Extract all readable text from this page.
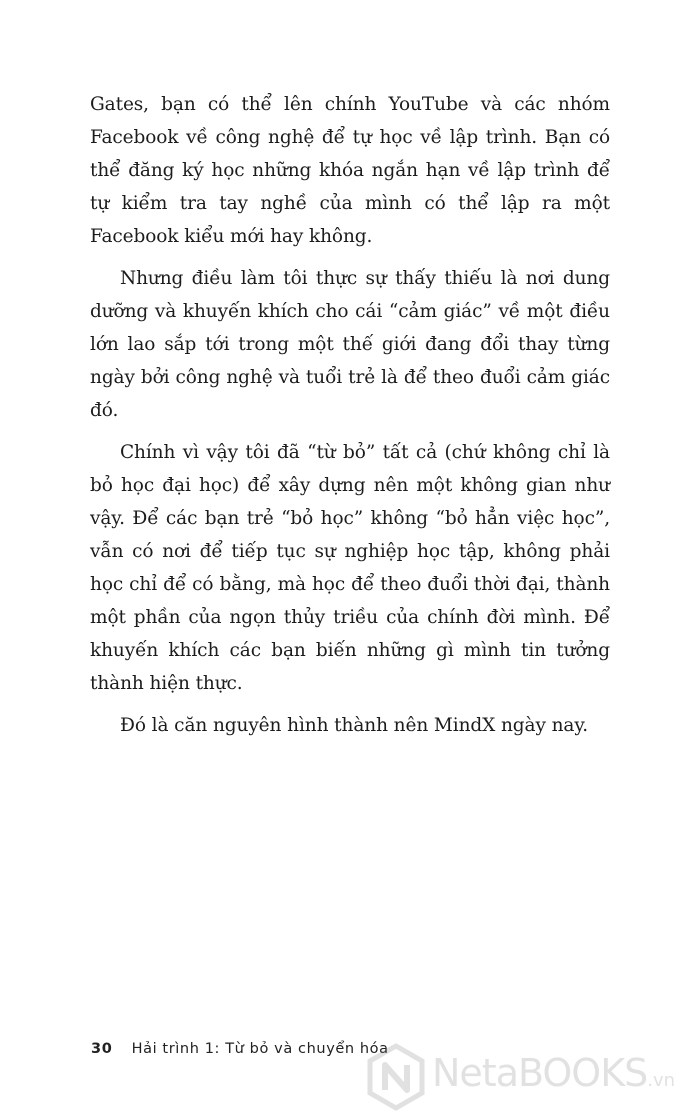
Gates, bạn có thể lên chính YouTube và các nhóm Facebook về công nghệ để tự học về lập trình. Bạn có thể đăng ký học những khóa ngắn hạn về lập trình để tự kiểm tra tay nghề của mình có thể lập ra một Facebook kiểu mới hay không.

Nhưng điều làm tôi thực sự thấy thiếu là nơi dung dưỡng và khuyến khích cho cái “cảm giác” về một điều lớn lao sắp tới trong một thế giới đang đổi thay từng ngày bởi công nghệ và tuổi trẻ là để theo đuổi cảm giác đó.

Chính vì vậy tôi đã “từ bỏ” tất cả (chứ không chỉ là bỏ học đại học) để xây dựng nên một không gian như vậy. Để các bạn trẻ “bỏ học” không “bỏ hẳn việc học”, vẫn có nơi để tiếp tục sự nghiệp học tập, không phải học chỉ để có bằng, mà học để theo đuổi thời đại, thành một phần của ngọn thủy triều của chính đời mình. Để khuyến khích các bạn biến những gì mình tin tưởng thành hiện thực.

Đó là căn nguyên hình thành nên MindX ngày nay.

30 Hải trình 1: Từ bỏ và chuyển hóa
NetaBOOKS.vn
